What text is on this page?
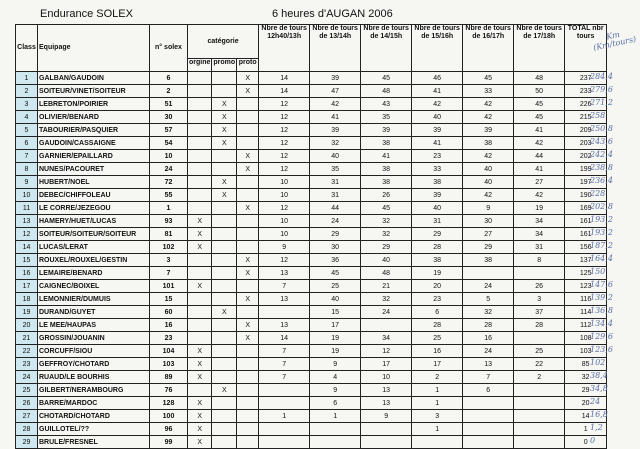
Endurance SOLEX	6 heures d'AUGAN 2006
Class	Equipage	n° solex	catégorie			Nbre de tours 12h40/13h	Nbre de tours de 13/14h	Nbre de tours de 14/15h	Nbre de tours de 15/16h	Nbre de tours de 16/17h	Nbre de tours de 17/18h	TOTAL nbr tours
			orgine	promo	proto							
1	GALBAN/GAUDOIN	6			X	14	39	45	46	45	48	237
2	SOITEUR/VINET/SOITEUR	2			X	14	47	48	41	33	50	233
3	LEBRETON/POIRIER	51		X		12	42	43	42	42	45	226
4	OLIVIER/BENARD	30		X		12	41	35	40	42	45	215
5	TABOURIER/PASQUIER	57		X		12	39	39	39	39	41	209
6	GAUDOIN/CASSAIGNE	54		X		12	32	38	41	38	42	203
7	GARNIER/EPAILLARD	10			X	12	40	41	23	42	44	202
8	NUNES/PACOURET	24			X	12	35	38	33	40	41	199
9	HUBERT/NOEL	72		X		10	31	38	38	40	27	197
10	DEBEC/CHIFFOLEAU	55		X		10	31	26	39	42	42	190
11	LE CORRE/JEZEGOU	1			X	12	44	45	40	9	19	169
13	HAMERY/HUET/LUCAS	93	X			10	24	32	31	30	34	161
12	SOITEUR/SOITEUR/SOITEUR	81	X			10	29	32	29	27	34	161
14	LUCAS/LERAT	102	X			9	30	29	28	29	31	156
15	ROUXEL/ROUXEL/GESTIN	3			X	12	36	40	38	38	8	137
16	LEMAIRE/BENARD	7			X	13	45	48	19			125
17	CAIGNEC/BOIXEL	101	X			7	25	21	20	24	26	123
18	LEMONNIER/DUMUIS	15			X	13	40	32	23	5	3	116
19	DURAND/GUYET	60		X			15	24	6	32	37	114
20	LE MEE/HAUPAS	16			X	13	17		28	28	28	112
21	GROSSIN/JOUANIN	23			X	14	19	34	25	16		108
22	CORCUFF/SIOU	104	X			7	19	12	16	24	25	103
23	GEFFROY/CHOTARD	103	X			7	9	17	17	13	22	85
24	RUAUD/LE BOURHIS	89	X			7	4	10	2	7	2	32
25	GILBERT/NERAMBOURG	76		X			9	13	1	6		29
26	BARRE/MARDOC	128	X				6	13	1			20
27	CHOTARD/CHOTARD	100	X			1	1	9	3			14
28	GUILLOTEL/??	96	X						1			1
29	BRULE/FRESNEL	99	X									0
Km (Km/tours)
284,4
279,6
271,2
258
250,8
243,6
242,4
238,8
236,4
228
202,8
193,2
193,2
187,2
164,4
150
147,6
139,2
136,8
134,4
129,6
123,6
102
38,4
34,8
24
16,8
1,2
0
